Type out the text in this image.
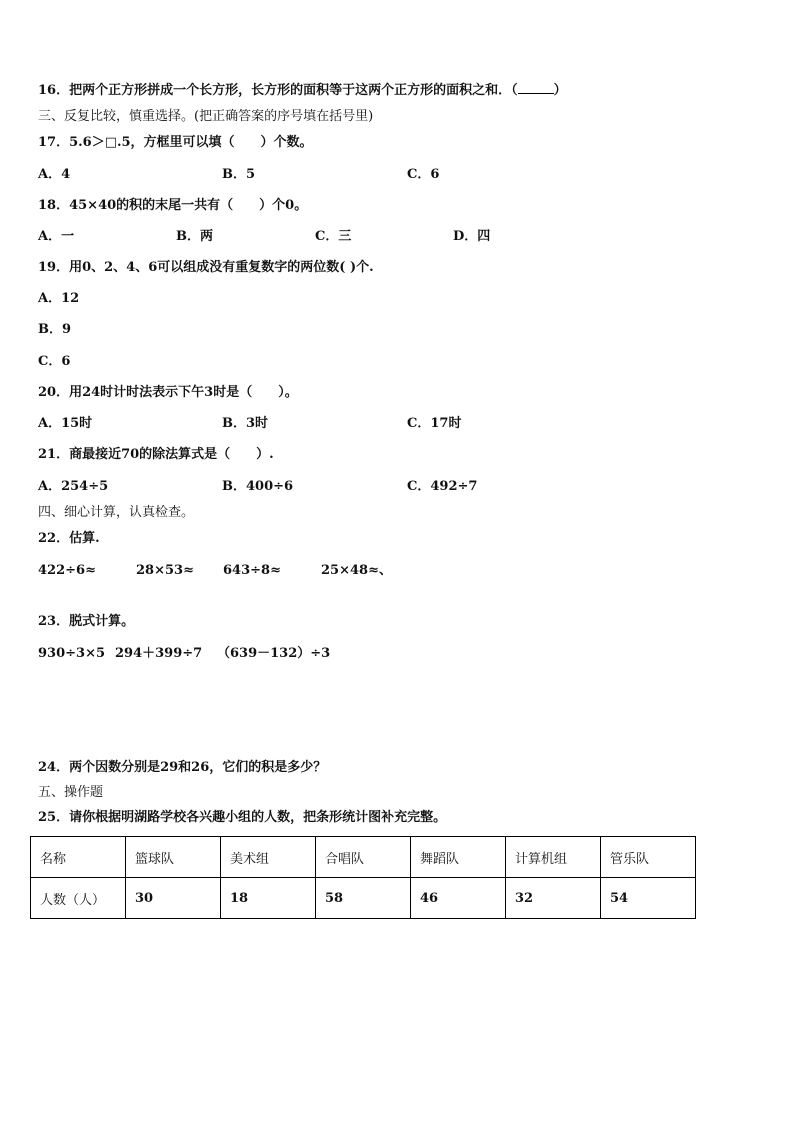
16．把两个正方形拼成一个长方形，长方形的面积等于这两个正方形的面积之和．（	）
三、反复比较，慎重选择。(把正确答案的序号填在括号里)
17．5.6＞□.5，方框里可以填（　　）个数。
A．4	B．5	C．6
18．45×40的积的末尾一共有（　　）个0。
A．一	B．两	C．三	D．四
19．用0、2、4、6可以组成没有重复数字的两位数( )个.
A．12
B．9
C．6
20．用24时计时法表示下午3时是（　　）。
A．15时	B．3时	C．17时
21．商最接近70的除法算式是（　　）.
A．254÷5	B．400÷6	C．492÷7
四、细心计算，认真检查。
22．估算.
422÷6≈	28×53≈ 643÷8≈	25×48≈、
23．脱式计算。
930÷3×5 294＋399÷7 （639－132）÷3
24．两个因数分别是29和26，它们的积是多少？
五、操作题
25．请你根据明湖路学校各兴趣小组的人数，把条形统计图补充完整。
名称	篮球队	美术组	合唱队	舞蹈队	计算机组	管乐队
人数（人）	30	18	58	46	32	54
